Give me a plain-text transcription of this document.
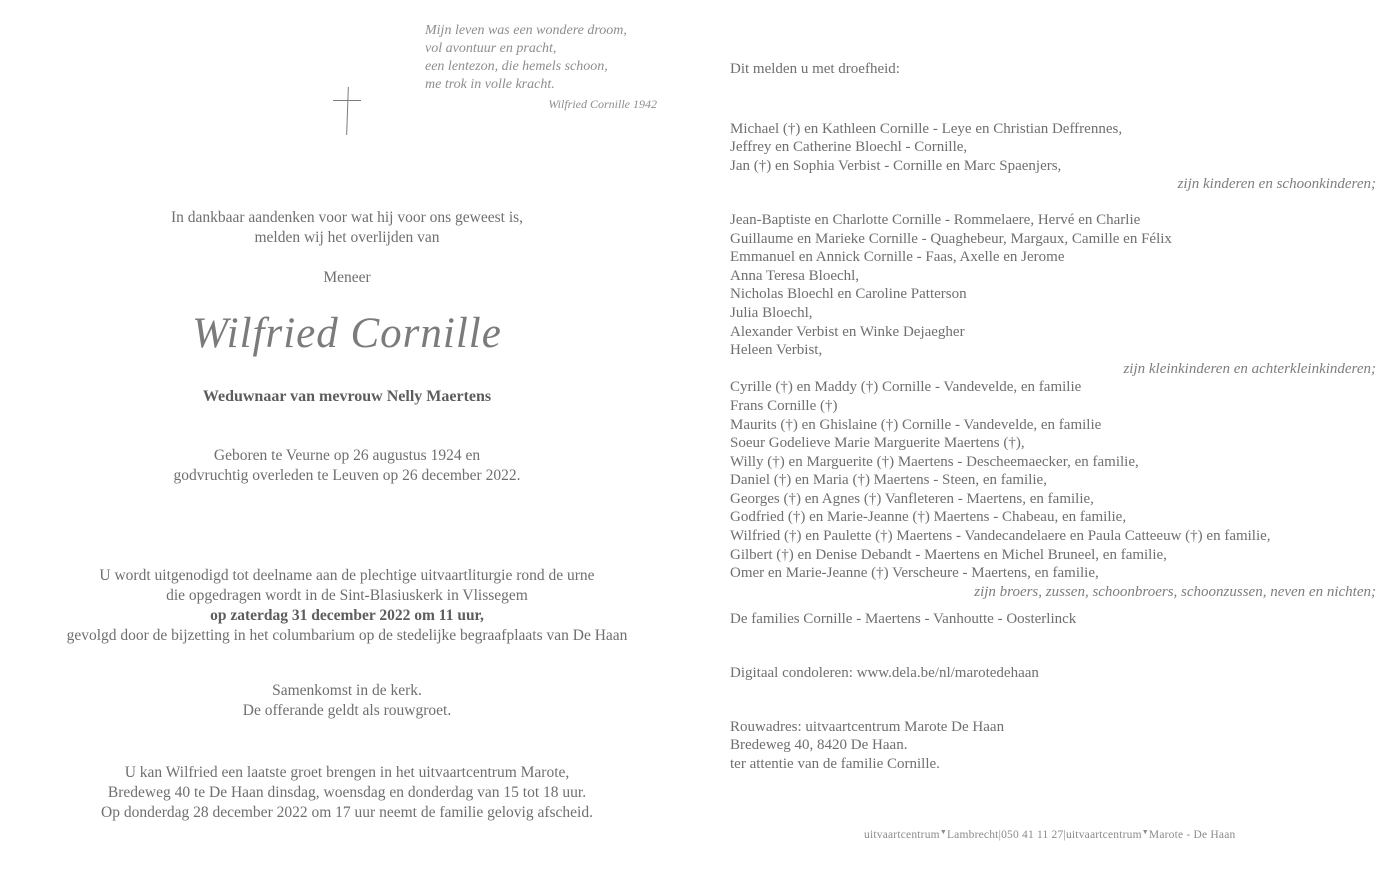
Mijn leven was een wondere droom,
vol avontuur en pracht,
een lentezon, die hemels schoon,
me trok in volle kracht.
Wilfried Cornille 1942
In dankbaar aandenken voor wat hij voor ons geweest is,
melden wij het overlijden van
Meneer
Wilfried Cornille
Weduwnaar van mevrouw Nelly Maertens
Geboren te Veurne op 26 augustus 1924 en
godvruchtig overleden te Leuven op 26 december 2022.
U wordt uitgenodigd tot deelname aan de plechtige uitvaartliturgie rond de urne
die opgedragen wordt in de Sint-Blasiuskerk in Vlissegem
op zaterdag 31 december 2022 om 11 uur,
gevolgd door de bijzetting in het columbarium op de stedelijke begraafplaats van De Haan
Samenkomst in de kerk.
De offerande geldt als rouwgroet.
U kan Wilfried een laatste groet brengen in het uitvaartcentrum Marote,
Bredeweg 40 te De Haan dinsdag, woensdag en donderdag van 15 tot 18 uur.
Op donderdag 28 december 2022 om 17 uur neemt de familie gelovig afscheid.
Dit melden u met droefheid:
Michael (†) en Kathleen Cornille - Leye en Christian Deffrennes,
Jeffrey en Catherine Bloechl - Cornille,
Jan (†) en Sophia Verbist - Cornille en Marc Spaenjers,
zijn kinderen en schoonkinderen;
Jean-Baptiste en Charlotte Cornille - Rommelaere, Hervé en Charlie
Guillaume en Marieke Cornille - Quaghebeur, Margaux, Camille en Félix
Emmanuel en Annick Cornille - Faas, Axelle en Jerome
Anna Teresa Bloechl,
Nicholas Bloechl en Caroline Patterson
Julia Bloechl,
Alexander Verbist en Winke Dejaegher
Heleen Verbist,
zijn kleinkinderen en achterkleinkinderen;
Cyrille (†) en Maddy (†) Cornille - Vandevelde, en familie
Frans Cornille (†)
Maurits (†) en Ghislaine (†) Cornille - Vandevelde, en familie
Soeur Godelieve Marie Marguerite Maertens (†),
Willy (†) en Marguerite (†) Maertens - Descheemaecker, en familie,
Daniel (†) en Maria (†) Maertens - Steen, en familie,
Georges (†) en Agnes (†) Vanfleteren - Maertens, en familie,
Godfried (†) en Marie-Jeanne (†) Maertens - Chabeau, en familie,
Wilfried (†) en Paulette (†) Maertens - Vandecandelaere en Paula Catteeuw (†) en familie,
Gilbert (†) en Denise Debandt - Maertens en Michel Bruneel, en familie,
Omer en Marie-Jeanne (†) Verscheure - Maertens, en familie,
zijn broers, zussen, schoonbroers, schoonzussen, neven en nichten;
De families Cornille - Maertens - Vanhoutte - Oosterlinck
Digitaal condoleren: www.dela.be/nl/marotedehaan
Rouwadres: uitvaartcentrum Marote De Haan
Bredeweg 40, 8420 De Haan.
ter attentie van de familie Cornille.
uitvaartcentrum▼Lambrecht|050 41 11 27|uitvaartcentrum▼Marote - De Haan
